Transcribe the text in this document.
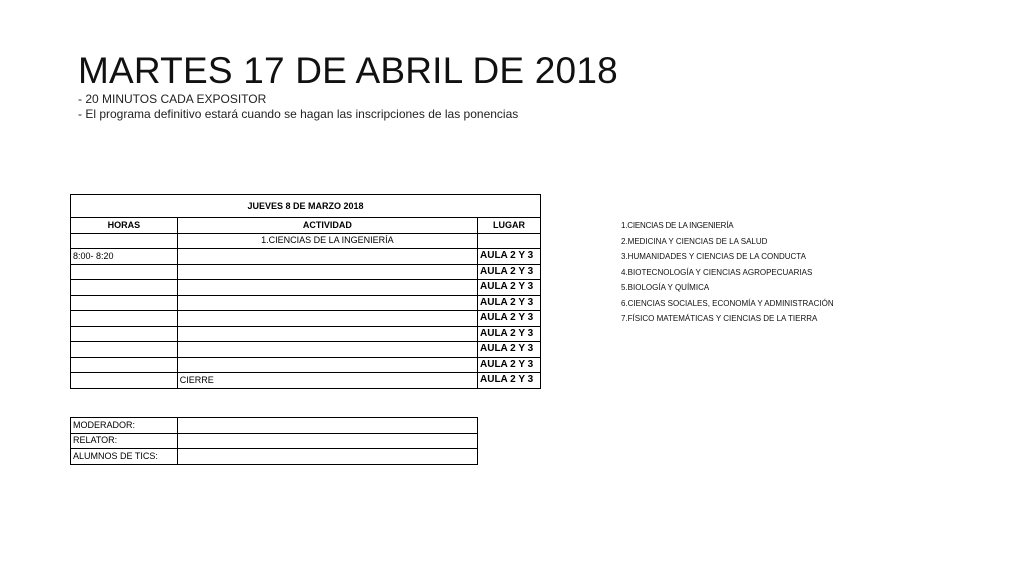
MARTES 17 DE ABRIL DE 2018
- 20 MINUTOS CADA EXPOSITOR
- El programa definitivo estará cuando se hagan las inscripciones de las ponencias
JUEVES 8 DE MARZO 2018		
HORAS	ACTIVIDAD	LUGAR
	1.CIENCIAS DE LA INGENIERÍA	
8:00- 8:20		AULA 2 Y 3
		AULA 2 Y 3
		AULA 2 Y 3
		AULA 2 Y 3
		AULA 2 Y 3
		AULA 2 Y 3
		AULA 2 Y 3
		AULA 2 Y 3
	CIERRE	AULA 2 Y 3
MODERADOR:	
RELATOR:	
ALUMNOS DE TICS:	
1.CIENCIAS DE LA INGENIERÍA
2.MEDICINA Y CIENCIAS DE LA SALUD
3.HUMANIDADES Y CIENCIAS DE LA CONDUCTA
4.BIOTECNOLOGÍA Y CIENCIAS AGROPECUARIAS
5.BIOLOGÍA Y QUÍMICA
6.CIENCIAS SOCIALES, ECONOMÍA Y ADMINISTRACIÓN
7.FÍSICO MATEMÁTICAS Y CIENCIAS DE LA TIERRA
